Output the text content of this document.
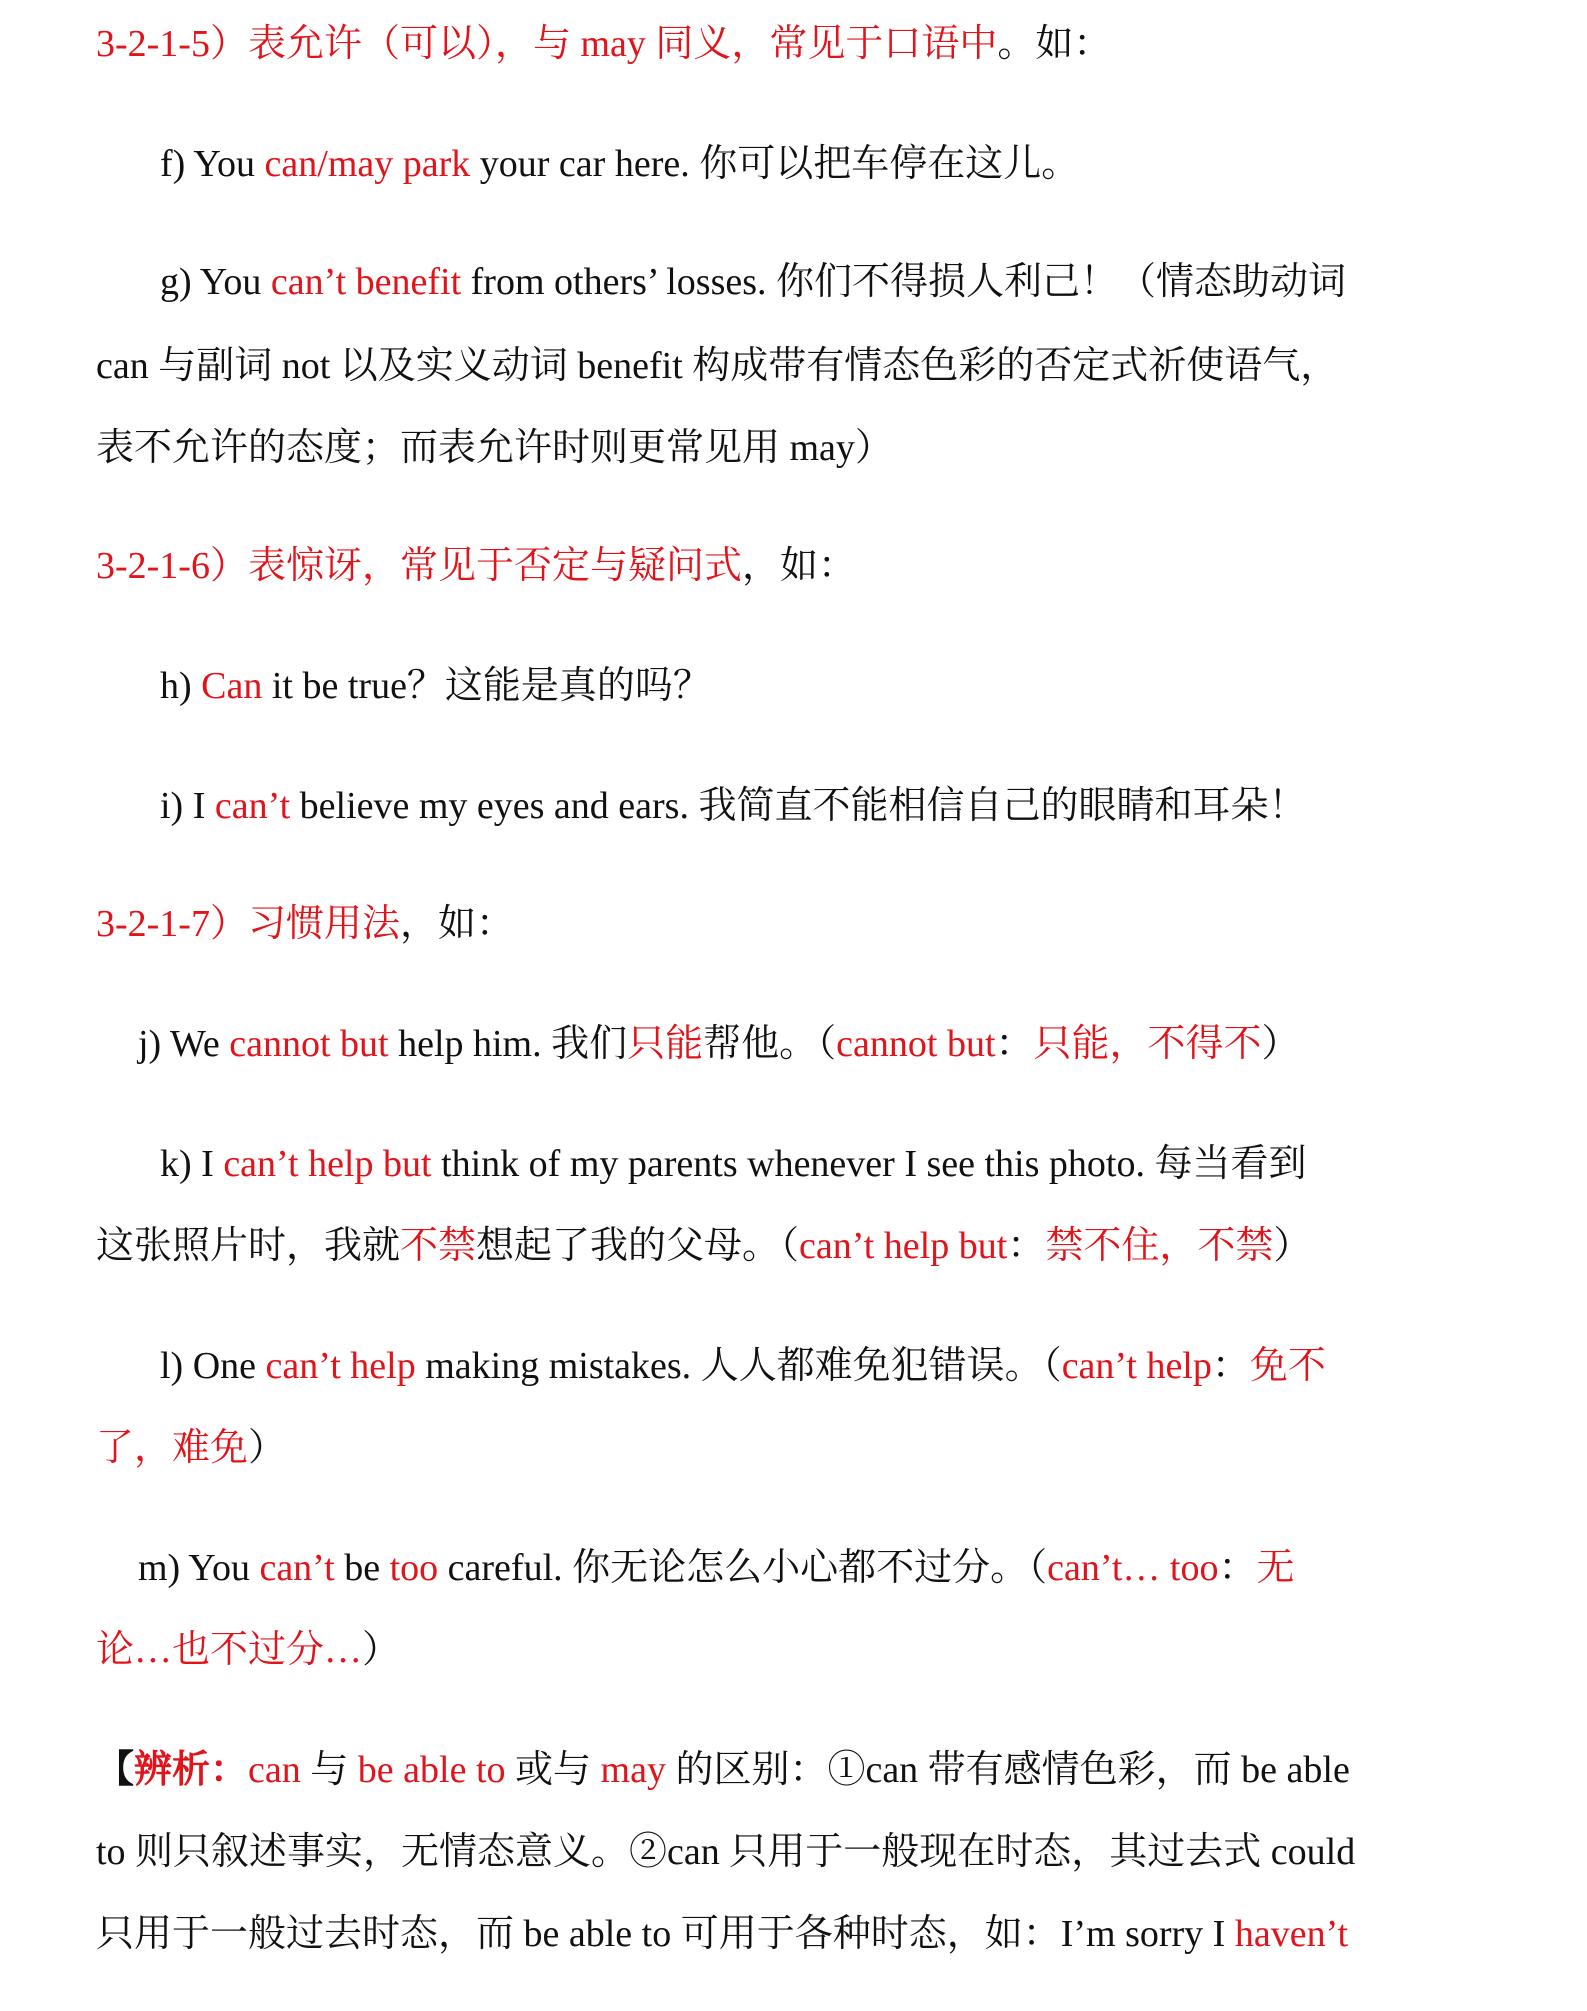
3-2-1-5）表允许（可以），与 may 同义，常见于口语中。如：
f) You can/may park your car here. 你可以把车停在这儿。
g) You can’t benefit from others’ losses. 你们不得损人利己！（情态助动词
can 与副词 not 以及实义动词 benefit 构成带有情态色彩的否定式祈使语气，
表不允许的态度；而表允许时则更常见用 may）
3-2-1-6）表惊讶，常见于否定与疑问式，如：
h) Can it be true？这能是真的吗？
i) I can’t believe my eyes and ears. 我简直不能相信自己的眼睛和耳朵！
3-2-1-7）习惯用法，如：
j) We cannot but help him. 我们只能帮他。（cannot but：只能，不得不）
k) I can’t help but think of my parents whenever I see this photo. 每当看到
这张照片时，我就不禁想起了我的父母。（can’t help but：禁不住，不禁）
l) One can’t help making mistakes. 人人都难免犯错误。（can’t help：免不
了，难免）
m) You can’t be too careful. 你无论怎么小心都不过分。（can’t… too：无
论…也不过分…）
【辨析：can 与 be able to 或与 may 的区别：①can 带有感情色彩，而 be able
to 则只叙述事实，无情态意义。②can 只用于一般现在时态，其过去式 could
只用于一般过去时态，而 be able to 可用于各种时态，如：I’m sorry I haven’t
